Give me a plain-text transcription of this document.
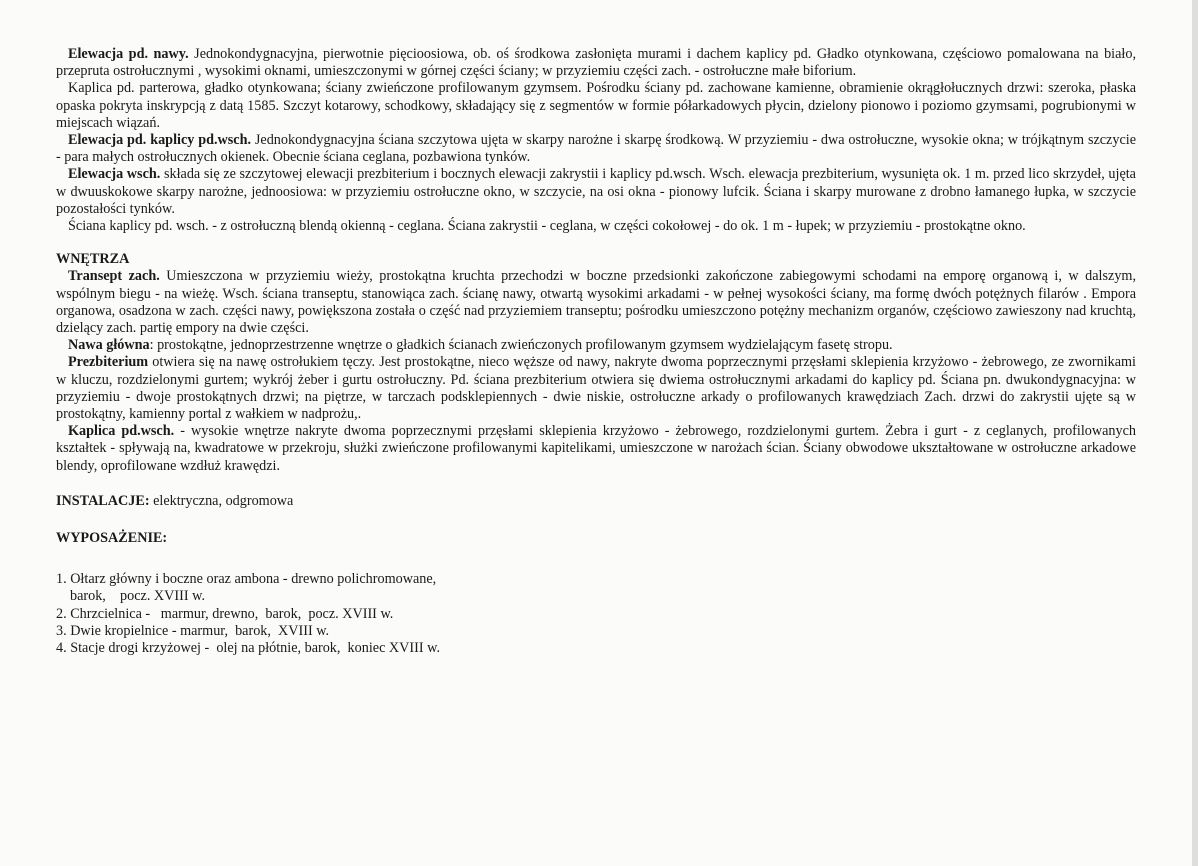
Elewacja pd. nawy. Jednokondygnacyjna, pierwotnie pięcioosiowa, ob. oś środkowa zasłonięta murami i dachem kaplicy pd. Gładko otynkowana, częściowo pomalowana na biało, przepruta ostrołucznymi , wysokimi oknami, umieszczonymi w górnej części ściany; w przyziemiu części zach. - ostrołuczne małe biforium.

Kaplica pd. parterowa, gładko otynkowana; ściany zwieńczone profilowanym gzymsem. Pośrodku ściany pd. zachowane kamienne, obramienie okrągłołucznych drzwi: szeroka, płaska opaska pokryta inskrypcją z datą 1585. Szczyt kotarowy, schodkowy, składający się z segmentów w formie półarkadowych płycin, dzielony pionowo i poziomo gzymsami, pogrubionymi w miejscach wiązań.

Elewacja pd. kaplicy pd.wsch. Jednokondygnacyjna ściana szczytowa ujęta w skarpy narożne i skarpę środkową. W przyziemiu - dwa ostrołuczne, wysokie okna; w trójkątnym szczycie - para małych ostrołucznych okienek. Obecnie ściana ceglana, pozbawiona tynków.

Elewacja wsch. składa się ze szczytowej elewacji prezbiterium i bocznych elewacji zakrystii i kaplicy pd.wsch. Wsch. elewacja prezbiterium, wysunięta ok. 1 m. przed lico skrzydeł, ujęta w dwuuskokowe skarpy narożne, jednoosiowa: w przyziemiu ostrołuczne okno, w szczycie, na osi okna - pionowy lufcik. Ściana i skarpy murowane z drobno łamanego łupka, w szczycie pozostałości tynków.

Ściana kaplicy pd. wsch. - z ostrołuczną blendą okienną - ceglana. Ściana zakrystii - ceglana, w części cokołowej - do ok. 1 m - łupek; w przyziemiu - prostokątne okno.

WNĘTRZA

Transept zach. Umieszczona w przyziemiu wieży, prostokątna kruchta przechodzi w boczne przedsionki zakończone zabiegowymi schodami na emporę organową i, w dalszym, wspólnym biegu - na wieżę. Wsch. ściana transeptu, stanowiąca zach. ścianę nawy, otwartą wysokimi arkadami - w pełnej wysokości ściany, ma formę dwóch potężnych filarów . Empora organowa, osadzona w zach. części nawy, powiększona została o część nad przyziemiem transeptu; pośrodku umieszczono potężny mechanizm organów, częściowo zawieszony nad kruchtą, dzielący zach. partię empory na dwie części.

Nawa główna: prostokątne, jednoprzestrzenne wnętrze o gładkich ścianach zwieńczonych profilowanym gzymsem wydzielającym fasetę stropu.

Prezbiterium otwiera się na nawę ostrołukiem tęczy. Jest prostokątne, nieco węższe od nawy, nakryte dwoma poprzecznymi przęsłami sklepienia krzyżowo - żebrowego, ze zwornikami w kluczu, rozdzielonymi gurtem; wykrój żeber i gurtu ostrołuczny. Pd. ściana prezbiterium otwiera się dwiema ostrołucznymi arkadami do kaplicy pd. Ściana pn. dwukondygnacyjna: w przyziemiu - dwoje prostokątnych drzwi; na piętrze, w tarczach podsklepiennych - dwie niskie, ostrołuczne arkady o profilowanych krawędziach Zach. drzwi do zakrystii ujęte są w prostokątny, kamienny portal z wałkiem w nadprożu,.

Kaplica pd.wsch. - wysokie wnętrze nakryte dwoma poprzecznymi przęsłami sklepienia krzyżowo - żebrowego, rozdzielonymi gurtem. Żebra i gurt - z ceglanych, profilowanych kształtek - spływają na, kwadratowe w przekroju, służki zwieńczone profilowanymi kapitelikami, umieszczone w narożach ścian. Ściany obwodowe ukształtowane w ostrołuczne arkadowe blendy, oprofilowane wzdłuż krawędzi.

INSTALACJE: elektryczna, odgromowa

WYPOSAŻENIE:
1. Ołtarz główny i boczne oraz ambona - drewno polichromowane,
barok,    pocz. XVIII w.
2. Chrzcielnica -   marmur, drewno,  barok,  pocz. XVIII w.
3. Dwie kropielnice - marmur,  barok,  XVIII w.
4. Stacje drogi krzyżowej -  olej na płótnie, barok,  koniec XVIII w.
